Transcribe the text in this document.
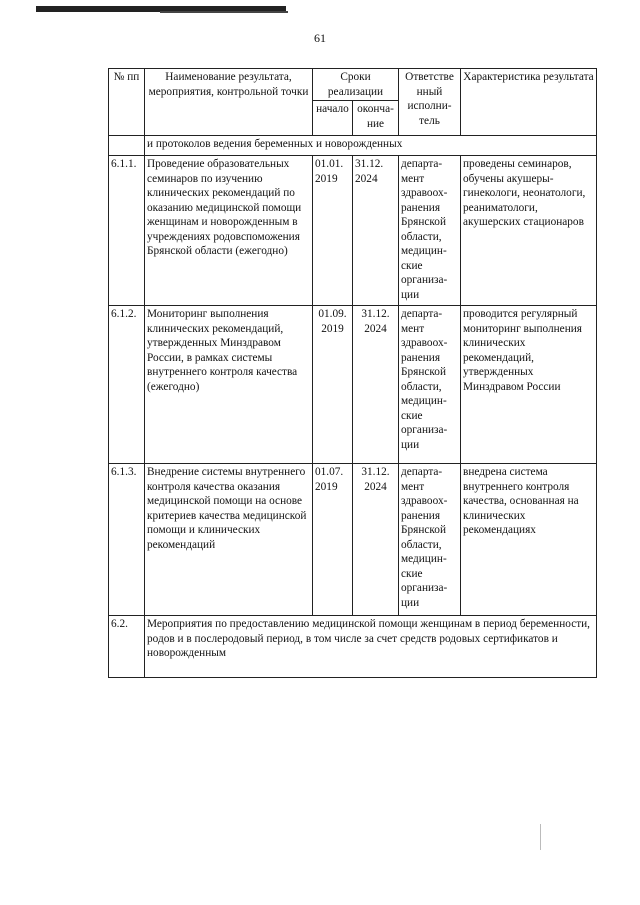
61
№ пп	Наименование результата, мероприятия, контрольной точки	Сроки реализации		Ответстве нный исполни- тель	Характеристика результата
		начало	оконча- ние		
	и протоколов ведения беременных и новорожденных				
6.1.1.	Проведение образовательных семинаров по изучению клинических рекомендаций по оказанию медицинской помощи женщинам и новорожденным в учреждениях родовспоможения Брянской области (ежегодно)	01.01. 2019	31.12. 2024	департа- мент здравоох- ранения Брянской области, медицин- ские организа- ции	проведены семинаров, обучены акушеры- гинекологи, неонатологи, реаниматологи, акушерских стационаров
6.1.2.	Мониторинг выполнения клинических рекомендаций, утвержденных Минздравом России, в рамках системы внутреннего контроля качества (ежегодно)	01.09. 2019	31.12. 2024	департа- мент здравоох- ранения Брянской области, медицин- ские организа- ции	проводится регулярный мониторинг выполнения клинических рекомендаций, утвержденных Минздравом России
6.1.3.	Внедрение системы внутреннего контроля качества оказания медицинской помощи на основе критериев качества медицинской помощи и клинических рекомендаций	01.07. 2019	31.12. 2024	департа- мент здравоох- ранения Брянской области, медицин- ские организа- ции	внедрена система внутреннего контроля качества, основанная на клинических рекомендациях
6.2.	Мероприятия по предоставлению медицинской помощи женщинам в период беременности, родов и в послеродовый период, в том числе за счет средств родовых сертификатов и новорожденным				
